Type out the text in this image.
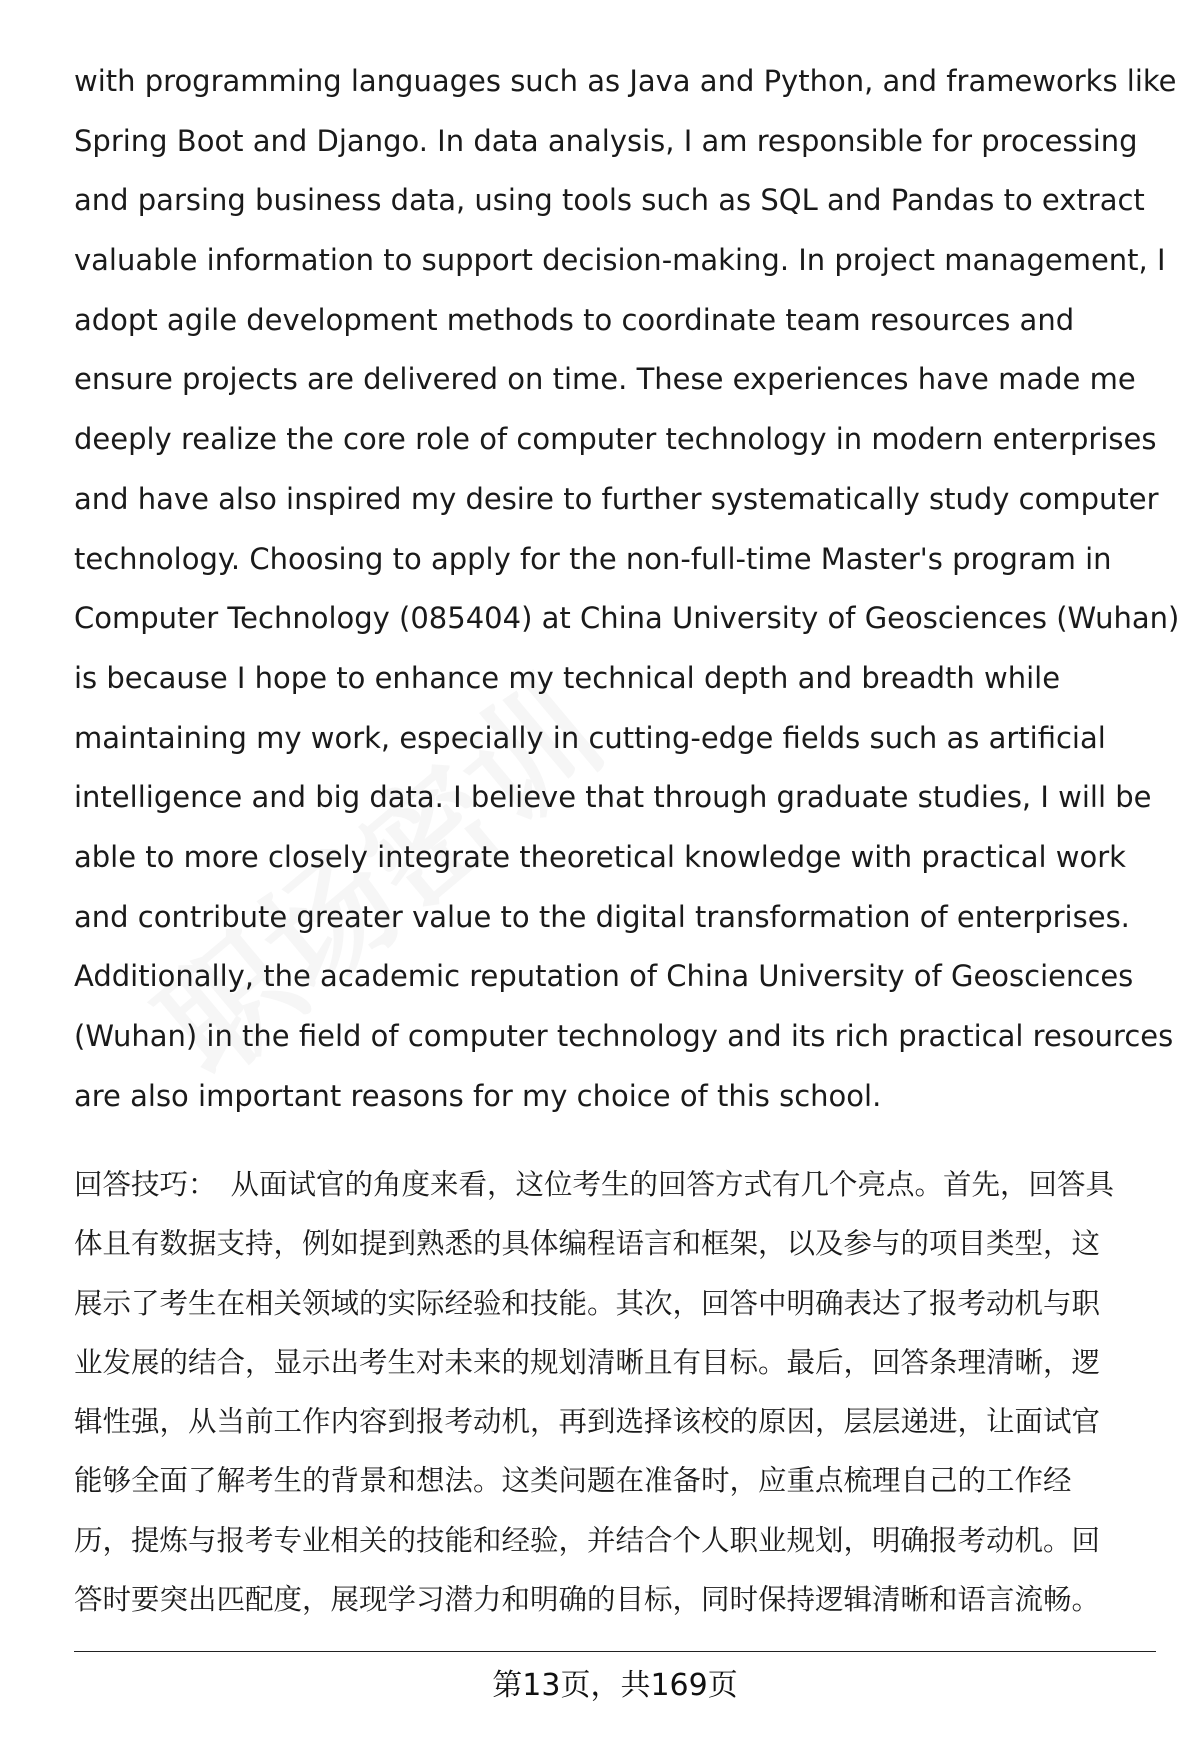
with programming languages such as Java and Python, and frameworks like
Spring Boot and Django. In data analysis, I am responsible for processing
and parsing business data, using tools such as SQL and Pandas to extract
valuable information to support decision-making. In project management, I
adopt agile development methods to coordinate team resources and
ensure projects are delivered on time. These experiences have made me
deeply realize the core role of computer technology in modern enterprises
and have also inspired my desire to further systematically study computer
technology. Choosing to apply for the non-full-time Master's program in
Computer Technology (085404) at China University of Geosciences (Wuhan)
is because I hope to enhance my technical depth and breadth while
maintaining my work, especially in cutting-edge fields such as artificial
intelligence and big data. I believe that through graduate studies, I will be
able to more closely integrate theoretical knowledge with practical work
and contribute greater value to the digital transformation of enterprises.
Additionally, the academic reputation of China University of Geosciences
(Wuhan) in the field of computer technology and its rich practical resources
are also important reasons for my choice of this school.
回答技巧： 从面试官的角度来看，这位考生的回答方式有几个亮点。首先，回答具
体且有数据支持，例如提到熟悉的具体编程语言和框架，以及参与的项目类型，这
展示了考生在相关领域的实际经验和技能。其次，回答中明确表达了报考动机与职
业发展的结合，显示出考生对未来的规划清晰且有目标。最后，回答条理清晰，逻
辑性强，从当前工作内容到报考动机，再到选择该校的原因，层层递进，让面试官
能够全面了解考生的背景和想法。这类问题在准备时，应重点梳理自己的工作经
历，提炼与报考专业相关的技能和经验，并结合个人职业规划，明确报考动机。回
答时要突出匹配度，展现学习潜力和明确的目标，同时保持逻辑清晰和语言流畅。
第13页，共169页
